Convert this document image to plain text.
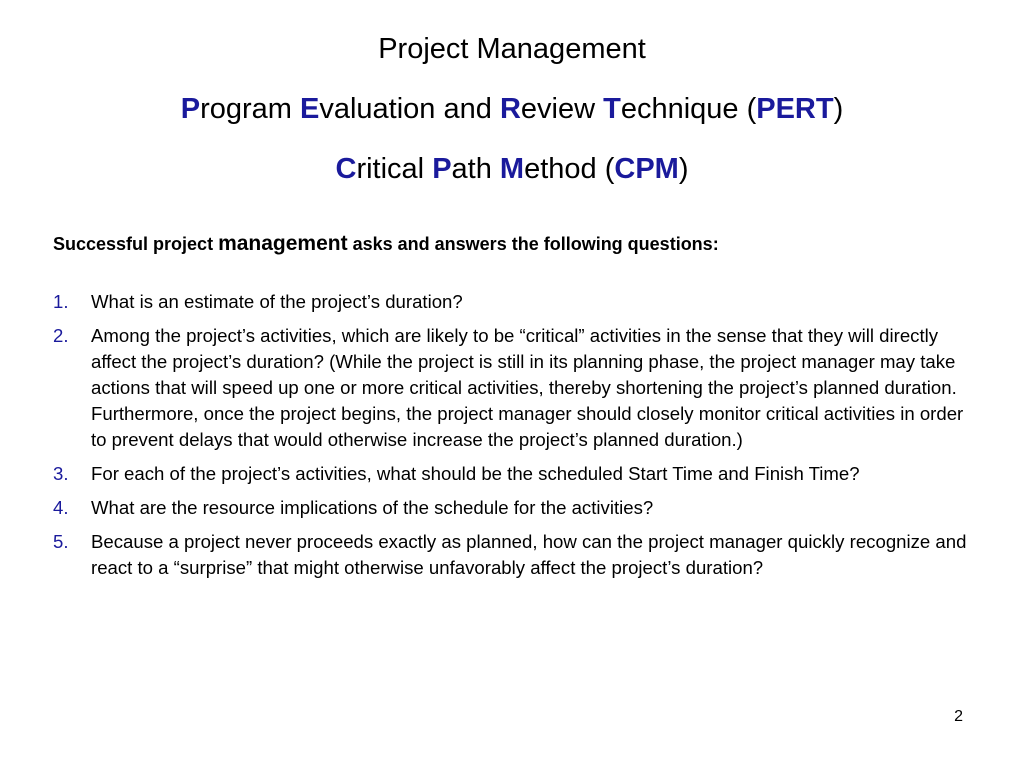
Project Management
Program Evaluation and Review Technique (PERT)
Critical Path Method (CPM)
Successful project management asks and answers the following questions:
1.	What is an estimate of the project’s duration?
2.	Among the project’s activities, which are likely to be “critical” activities in the sense that they will directly affect the project’s duration? (While the project is still in its planning phase, the project manager may take actions that will speed up one or more critical activities, thereby shortening the project’s planned duration. Furthermore, once the project begins, the project manager should closely monitor critical activities in order to prevent delays that would otherwise increase the project’s planned duration.)
3.	For each of the project’s activities, what should be the scheduled Start Time and Finish Time?
4.	What are the resource implications of the schedule for the activities?
5.	Because a project never proceeds exactly as planned, how can the project manager quickly recognize and react to a “surprise” that might otherwise unfavorably affect the project’s duration?
2
